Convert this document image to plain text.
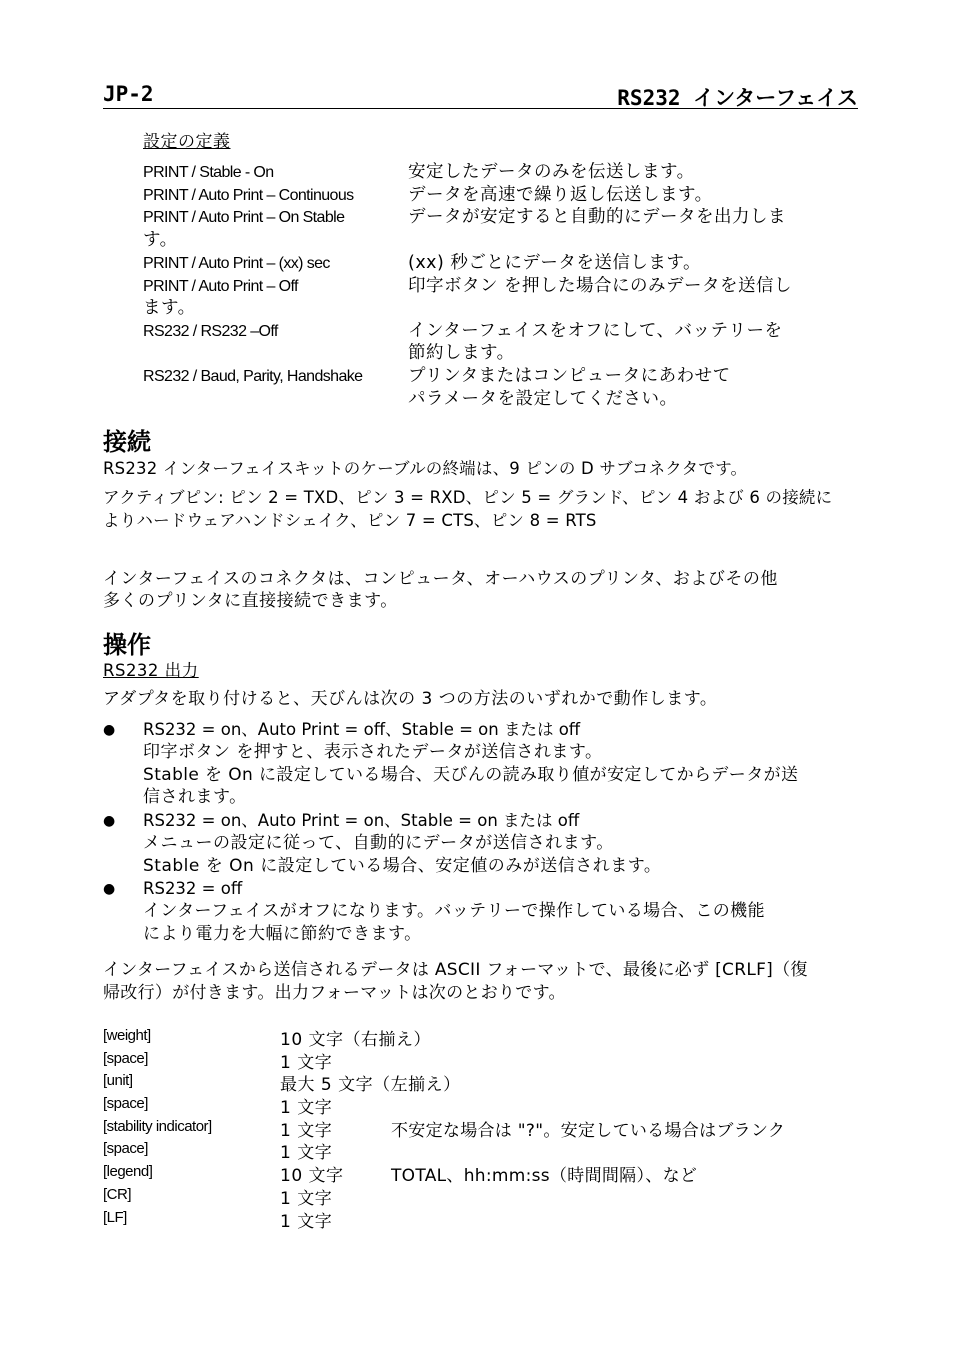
JP-2	RS232 インターフェイス
設定の定義
PRINT / Stable - On	安定したデータのみを伝送します。
PRINT / Auto Print – Continuous	データを高速で繰り返し伝送します。
PRINT / Auto Print – On Stable	データが安定すると自動的にデータを出力しま
す。
PRINT / Auto Print – (xx) sec	(xx) 秒ごとにデータを送信します。
PRINT / Auto Print – Off	印字ボタン を押した場合にのみデータを送信し
ます。
RS232 / RS232 –Off	インターフェイスをオフにして、バッテリーを
節約します。
RS232 / Baud, Parity, Handshake	プリンタまたはコンピュータにあわせて
パラメータを設定してください。
接続
RS232 インターフェイスキットのケーブルの終端は、9 ピンの D サブコネクタです。
アクティブピン: ピン 2 = TXD、ピン 3 = RXD、ピン 5 = グランド、ピン 4 および 6 の接続に
よりハードウェアハンドシェイク、ピン 7 = CTS、ピン 8 = RTS
インターフェイスのコネクタは、コンピュータ、オーハウスのプリンタ、およびその他
多くのプリンタに直接接続できます。
操作
RS232 出力
アダプタを取り付けると、天びんは次の 3 つの方法のいずれかで動作します。
● RS232 = on、Auto Print = off、Stable = on または off
印字ボタン を押すと、表示されたデータが送信されます。
Stable を On に設定している場合、天びんの読み取り値が安定してからデータが送
信されます。
● RS232 = on、Auto Print = on、Stable = on または off
メニューの設定に従って、自動的にデータが送信されます。
Stable を On に設定している場合、安定値のみが送信されます。
● RS232 = off
インターフェイスがオフになります。バッテリーで操作している場合、この機能
により電力を大幅に節約できます。
インターフェイスから送信されるデータは ASCII フォーマットで、最後に必ず [CRLF]（復
帰改行）が付きます。出力フォーマットは次のとおりです。
[weight]	10 文字（右揃え）
[space]	1 文字
[unit]	最大 5 文字（左揃え）
[space]	1 文字
[stability indicator]	1 文字	不安定な場合は "?"。安定している場合はブランク
[space]	1 文字
[legend]	10 文字	TOTAL、hh:mm:ss（時間間隔）、など
[CR]	1 文字
[LF]	1 文字
